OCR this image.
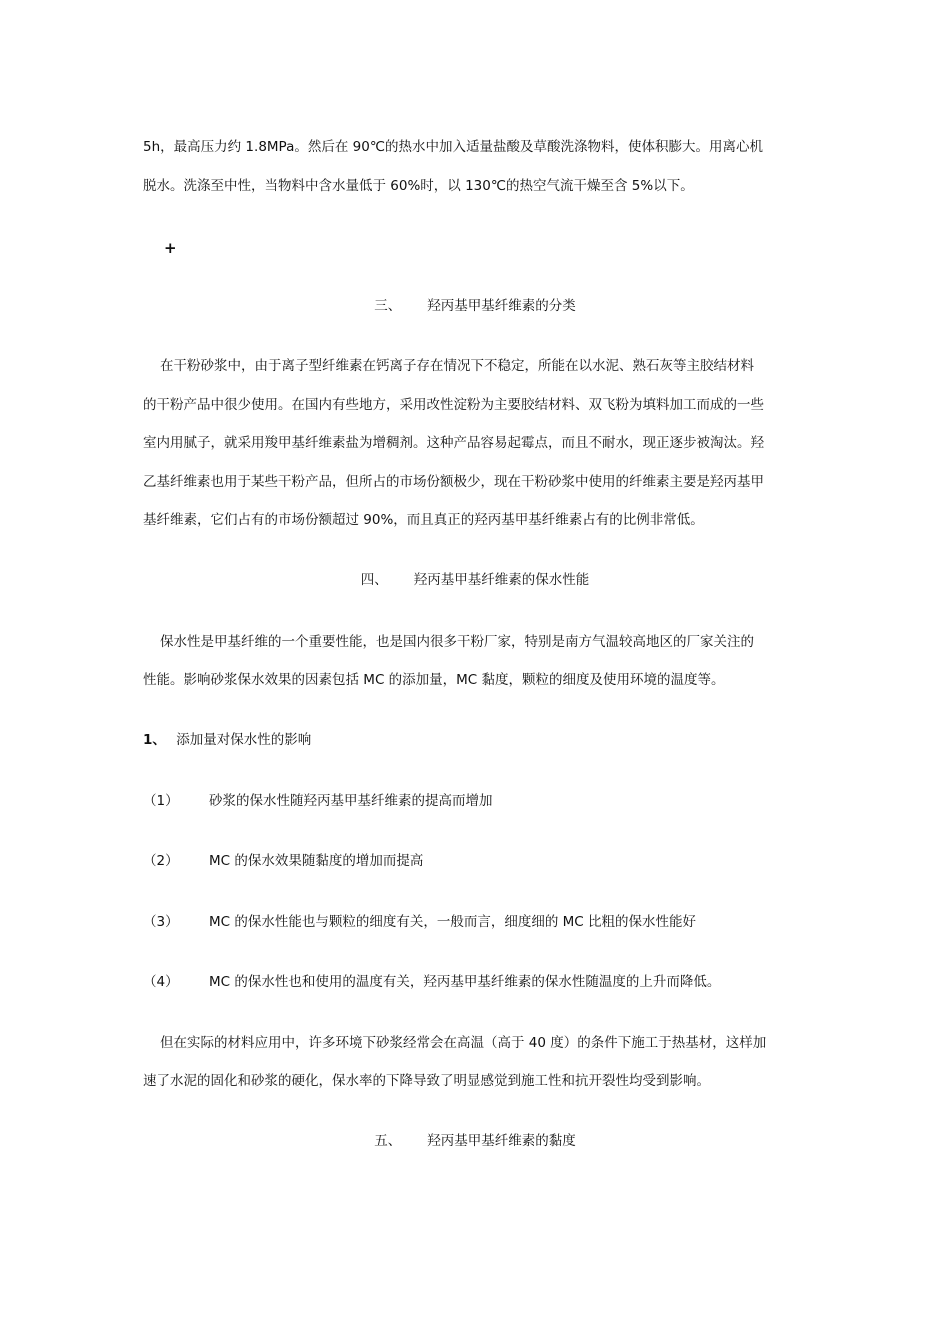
5h，最高压力约 1.8MPa。然后在 90℃的热水中加入适量盐酸及草酸洗涤物料，使体积膨大。用离心机
脱水。洗涤至中性，当物料中含水量低于 60%时，以 130℃的热空气流干燥至含 5%以下。
+
三、 羟丙基甲基纤维素的分类
在干粉砂浆中，由于离子型纤维素在钙离子存在情况下不稳定，所能在以水泥、熟石灰等主胶结材料
的干粉产品中很少使用。在国内有些地方，采用改性淀粉为主要胶结材料、双飞粉为填料加工而成的一些
室内用腻子，就采用羧甲基纤维素盐为增稠剂。这种产品容易起霉点，而且不耐水，现正逐步被淘汰。羟
乙基纤维素也用于某些干粉产品，但所占的市场份额极少，现在干粉砂浆中使用的纤维素主要是羟丙基甲
基纤维素，它们占有的市场份额超过 90%，而且真正的羟丙基甲基纤维素占有的比例非常低。
四、 羟丙基甲基纤维素的保水性能
保水性是甲基纤维的一个重要性能，也是国内很多干粉厂家，特别是南方气温较高地区的厂家关注的
性能。影响砂浆保水效果的因素包括 MC 的添加量，MC 黏度，颗粒的细度及使用环境的温度等。
1、 添加量对保水性的影响
（1） 砂浆的保水性随羟丙基甲基纤维素的提高而增加
（2） MC 的保水效果随黏度的增加而提高
（3） MC 的保水性能也与颗粒的细度有关，一般而言，细度细的 MC 比粗的保水性能好
（4） MC 的保水性也和使用的温度有关，羟丙基甲基纤维素的保水性随温度的上升而降低。
但在实际的材料应用中，许多环境下砂浆经常会在高温（高于 40 度）的条件下施工于热基材，这样加
速了水泥的固化和砂浆的硬化，保水率的下降导致了明显感觉到施工性和抗开裂性均受到影响。
五、 羟丙基甲基纤维素的黏度
